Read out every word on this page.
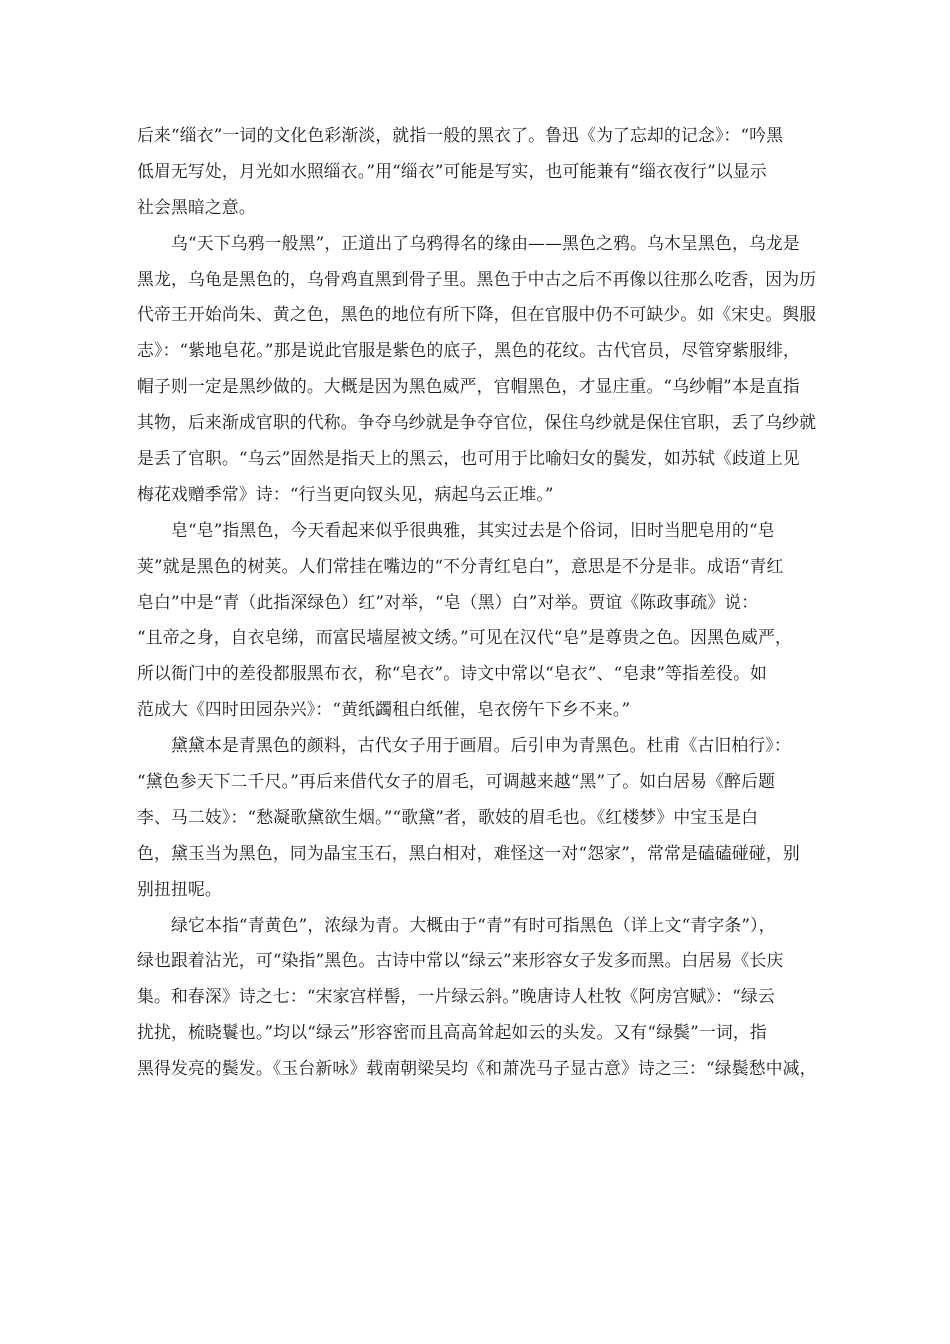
后来“缁衣”一词的文化色彩渐淡，就指一般的黑衣了。鲁迅《为了忘却的记念》：“吟黑
低眉无写处，月光如水照缁衣。”用“缁衣”可能是写实，也可能兼有“缁衣夜行”以显示
社会黑暗之意。

乌“天下乌鸦一般黑”，正道出了乌鸦得名的缘由——黑色之鸦。乌木呈黑色，乌龙是
黑龙，乌龟是黑色的，乌骨鸡直黑到骨子里。黑色于中古之后不再像以往那么吃香，因为历
代帝王开始尚朱、黄之色，黑色的地位有所下降，但在官服中仍不可缺少。如《宋史。舆服
志》：“紫地皂花。”那是说此官服是紫色的底子，黑色的花纹。古代官员，尽管穿紫服绯，
帽子则一定是黑纱做的。大概是因为黑色威严，官帽黑色，才显庄重。“乌纱帽”本是直指
其物，后来渐成官职的代称。争夺乌纱就是争夺官位，保住乌纱就是保住官职，丢了乌纱就
是丢了官职。“乌云”固然是指天上的黑云，也可用于比喻妇女的鬓发，如苏轼《歧道上见
梅花戏赠季常》诗：“行当更向钗头见，病起乌云正堆。”

皂“皂”指黑色，今天看起来似乎很典雅，其实过去是个俗词，旧时当肥皂用的“皂
荚”就是黑色的树荚。人们常挂在嘴边的“不分青红皂白”，意思是不分是非。成语“青红
皂白”中是“青（此指深绿色）红”对举，“皂（黑）白”对举。贾谊《陈政事疏》说：
“且帝之身，自衣皂绨，而富民墙屋被文绣。”可见在汉代“皂”是尊贵之色。因黑色威严，
所以衙门中的差役都服黑布衣，称“皂衣”。诗文中常以“皂衣”、“皂隶”等指差役。如
范成大《四时田园杂兴》：“黄纸蠲租白纸催，皂衣傍午下乡不来。”

黛黛本是青黑色的颜料，古代女子用于画眉。后引申为青黑色。杜甫《古旧柏行》：
“黛色参天下二千尺。”再后来借代女子的眉毛，可调越来越“黑”了。如白居易《醉后题
李、马二妓》：“愁凝歌黛欲生烟。”“歌黛”者，歌妓的眉毛也。《红楼梦》中宝玉是白
色，黛玉当为黑色，同为晶宝玉石，黑白相对，难怪这一对“怨家”，常常是磕磕碰碰，别
别扭扭呢。

绿它本指“青黄色”，浓绿为青。大概由于“青”有时可指黑色（详上文“青字条”），
绿也跟着沾光，可“染指”黑色。古诗中常以“绿云”来形容女子发多而黑。白居易《长庆
集。和春深》诗之七：“宋家宫样髻，一片绿云斜。”晚唐诗人杜牧《阿房宫赋》：“绿云
扰扰，梳晓鬟也。”均以“绿云”形容密而且高高耸起如云的头发。又有“绿鬓”一词，指
黑得发亮的鬓发。《玉台新咏》载南朝梁吴均《和萧冼马子显古意》诗之三：“绿鬓愁中减，
